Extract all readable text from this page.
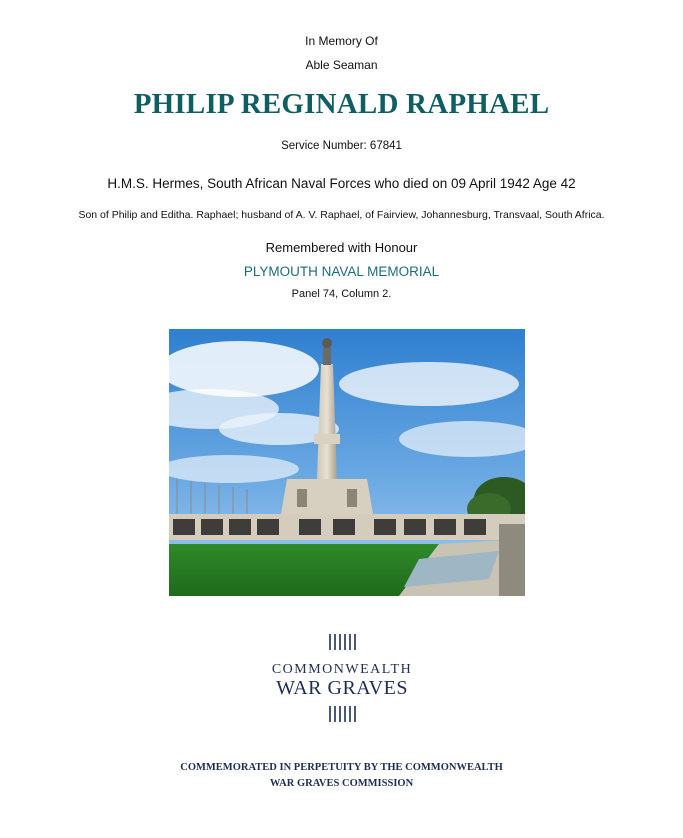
In Memory Of
Able Seaman
PHILIP REGINALD RAPHAEL
Service Number: 67841
H.M.S. Hermes, South African Naval Forces who died on 09 April 1942 Age 42
Son of Philip and Editha. Raphael; husband of A. V. Raphael, of Fairview, Johannesburg, Transvaal, South Africa.
Remembered with Honour
PLYMOUTH NAVAL MEMORIAL
Panel 74, Column 2.
COMMONWEALTH
WAR GRAVES
COMMEMORATED IN PERPETUITY BY THE COMMONWEALTH
WAR GRAVES COMMISSION
